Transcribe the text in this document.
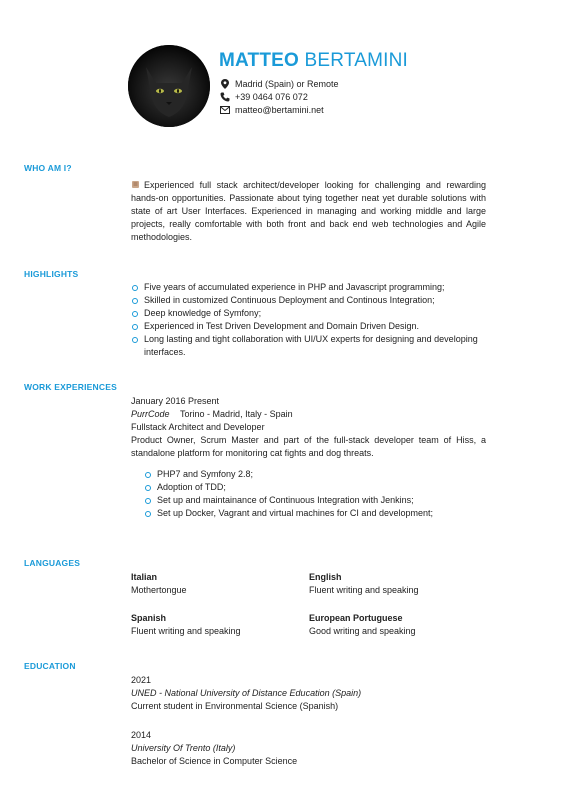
MATTEO BERTAMINI
Madrid (Spain) or Remote
+39 0464 076 072
matteo@bertamini.net
WHO AM I?
Experienced full stack architect/developer looking for challenging and rewarding hands-on opportunities. Passionate about tying together neat yet durable solutions with state of art User Interfaces. Experienced in managing and working middle and large projects, really comfortable with both front and back end web technologies and Agile methodologies.
HIGHLIGHTS
Five years of accumulated experience in PHP and Javascript programming;
Skilled in customized Continuous Deployment and Continous Integration;
Deep knowledge of Symfony;
Experienced in Test Driven Development and Domain Driven Design.
Long lasting and tight collaboration with UI/UX experts for designing and developing interfaces.
WORK EXPERIENCES
January 2016 Present
PurrCode Torino - Madrid, Italy - Spain
Fullstack Architect and Developer
Product Owner, Scrum Master and part of the full-stack developer team of Hiss, a standalone platform for monitoring cat fights and dog threats.
PHP7 and Symfony 2.8;
Adoption of TDD;
Set up and maintainance of Continuous Integration with Jenkins;
Set up Docker, Vagrant and virtual machines for CI and development;
LANGUAGES
Italian
Mothertongue
English
Fluent writing and speaking
Spanish
Fluent writing and speaking
European Portuguese
Good writing and speaking
EDUCATION
2021
UNED - National University of Distance Education (Spain)
Current student in Environmental Science (Spanish)
2014
University Of Trento (Italy)
Bachelor of Science in Computer Science
